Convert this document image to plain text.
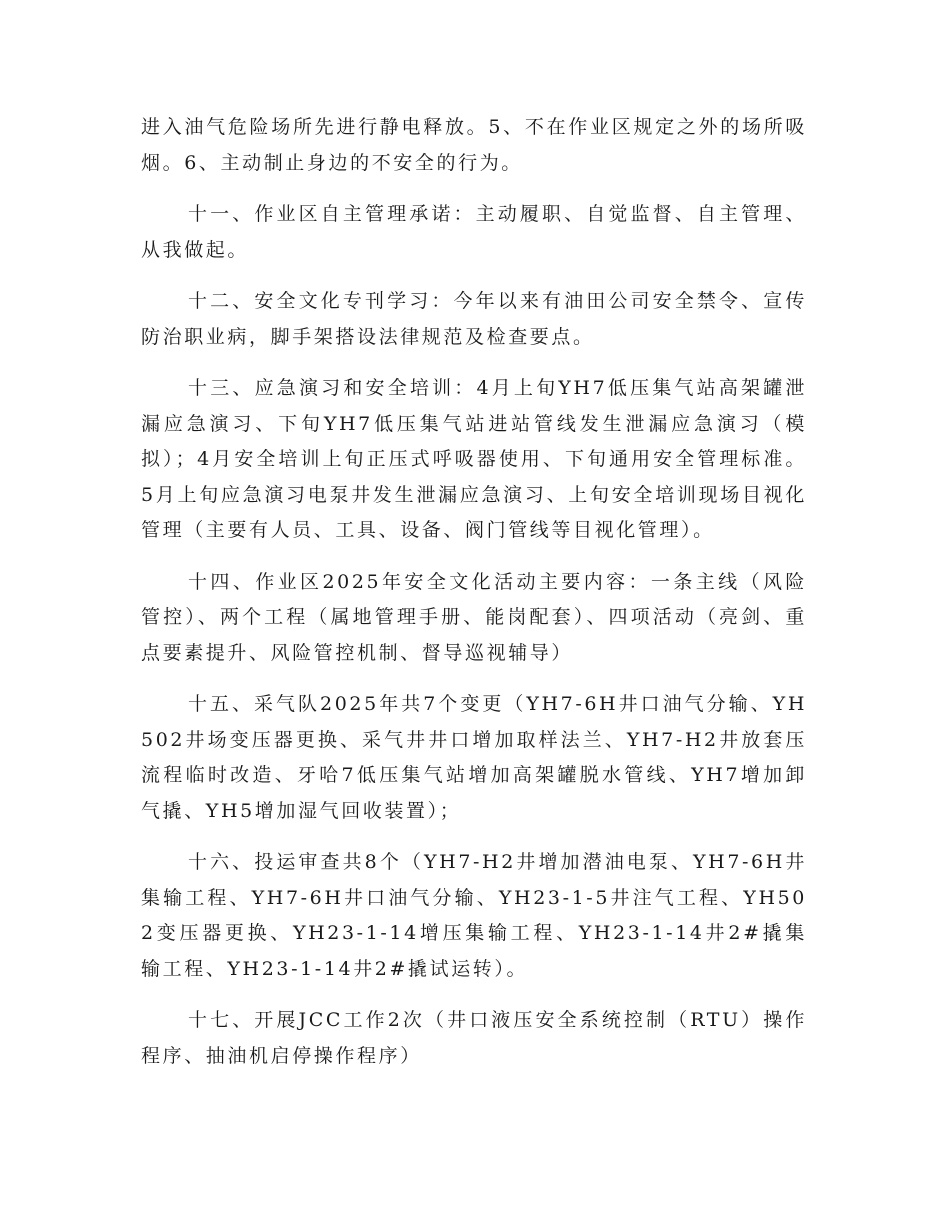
进入油气危险场所先进行静电释放。5、不在作业区规定之外的场所吸烟。6、主动制止身边的不安全的行为。

十一、作业区自主管理承诺：主动履职、自觉监督、自主管理、从我做起。

十二、安全文化专刊学习：今年以来有油田公司安全禁令、宣传防治职业病，脚手架搭设法律规范及检查要点。

十三、应急演习和安全培训：4月上旬YH7低压集气站高架罐泄漏应急演习、下旬YH7低压集气站进站管线发生泄漏应急演习（模拟）；4月安全培训上旬正压式呼吸器使用、下旬通用安全管理标准。5月上旬应急演习电泵井发生泄漏应急演习、上旬安全培训现场目视化管理（主要有人员、工具、设备、阀门管线等目视化管理）。

十四、作业区2025年安全文化活动主要内容：一条主线（风险管控）、两个工程（属地管理手册、能岗配套）、四项活动（亮剑、重点要素提升、风险管控机制、督导巡视辅导）

十五、采气队2025年共7个变更（YH7-6H井口油气分输、YH502井场变压器更换、采气井井口增加取样法兰、YH7-H2井放套压流程临时改造、牙哈7低压集气站增加高架罐脱水管线、YH7增加卸气撬、YH5增加湿气回收装置）；

十六、投运审查共8个（YH7-H2井增加潜油电泵、YH7-6H井集输工程、YH7-6H井口油气分输、YH23-1-5井注气工程、YH502变压器更换、YH23-1-14增压集输工程、YH23-1-14井2#撬集输工程、YH23-1-14井2#撬试运转）。

十七、开展JCC工作2次（井口液压安全系统控制（RTU）操作程序、抽油机启停操作程序）
